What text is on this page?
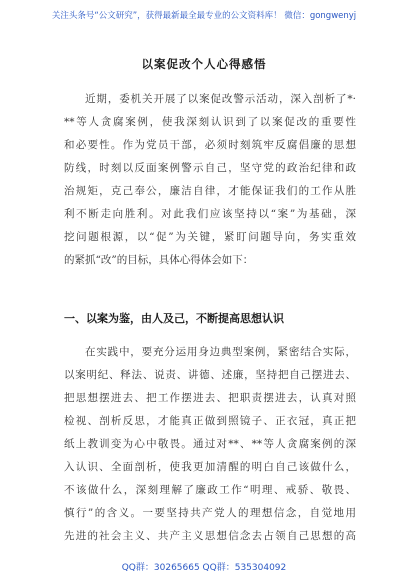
关注头条号“公文研究”，获得最新最全最专业的公文资料库！ 微信：gongwenyj
以案促改个人心得感悟
近期，委机关开展了以案促改警示活动，深入剖析了*·
**等人贪腐案例，使我深刻认识到了以案促改的重要性
和必要性。作为党员干部，必须时刻筑牢反腐倡廉的思想
防线，时刻以反面案例警示自己，坚守党的政治纪律和政
治规矩，克己奉公，廉洁自律，才能保证我们的工作从胜
利不断走向胜利。对此我们应该坚持以“案”为基础，深
挖问题根源，以“促”为关键，紧盯问题导向，务实重效
的紧抓“改”的目标，具体心得体会如下：
一、以案为鉴，由人及己，不断提高思想认识
在实践中，要充分运用身边典型案例，紧密结合实际，
以案明纪、释法、说责、讲德、述廉，坚持把自己摆进去、
把思想摆进去、把工作摆进去、把职责摆进去，认真对照
检视、剖析反思，才能真正做到照镜子、正衣冠，真正把
纸上教训变为心中敬畏。通过对**、**等人贪腐案例的深
入认识、全面剖析，使我更加清醒的明白自己该做什么，
不该做什么，深刻理解了廉政工作“明理、戒骄、敬畏、
慎行”的含义。一要坚持共产党人的理想信念，自觉地用
先进的社会主义、共产主义思想信念去占领自己思想的高
QQ群：30265665 QQ群：535304092
